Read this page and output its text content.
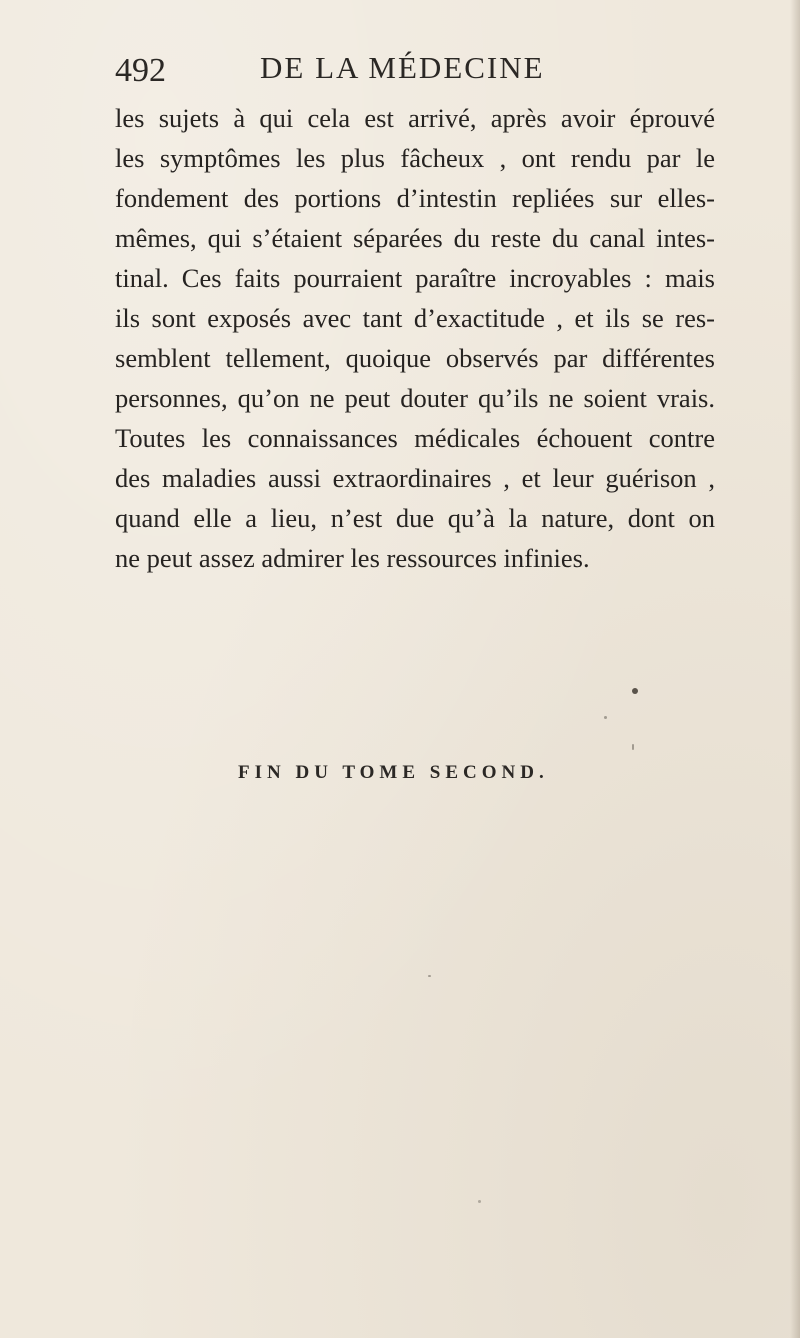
492	DE LA MÉDECINE
les sujets à qui cela est arrivé, après avoir éprouvé
les symptômes les plus fâcheux , ont rendu par le
fondement des portions d’intestin repliées sur elles-
mêmes, qui s’étaient séparées du reste du canal intes-
tinal. Ces faits pourraient paraître incroyables : mais
ils sont exposés avec tant d’exactitude , et ils se res-
semblent tellement, quoique observés par différentes
personnes, qu’on ne peut douter qu’ils ne soient vrais.
Toutes les connaissances médicales échouent contre
des maladies aussi extraordinaires , et leur guérison ,
quand elle a lieu, n’est due qu’à la nature, dont on
ne peut assez admirer les ressources infinies.
FIN DU TOME SECOND.
